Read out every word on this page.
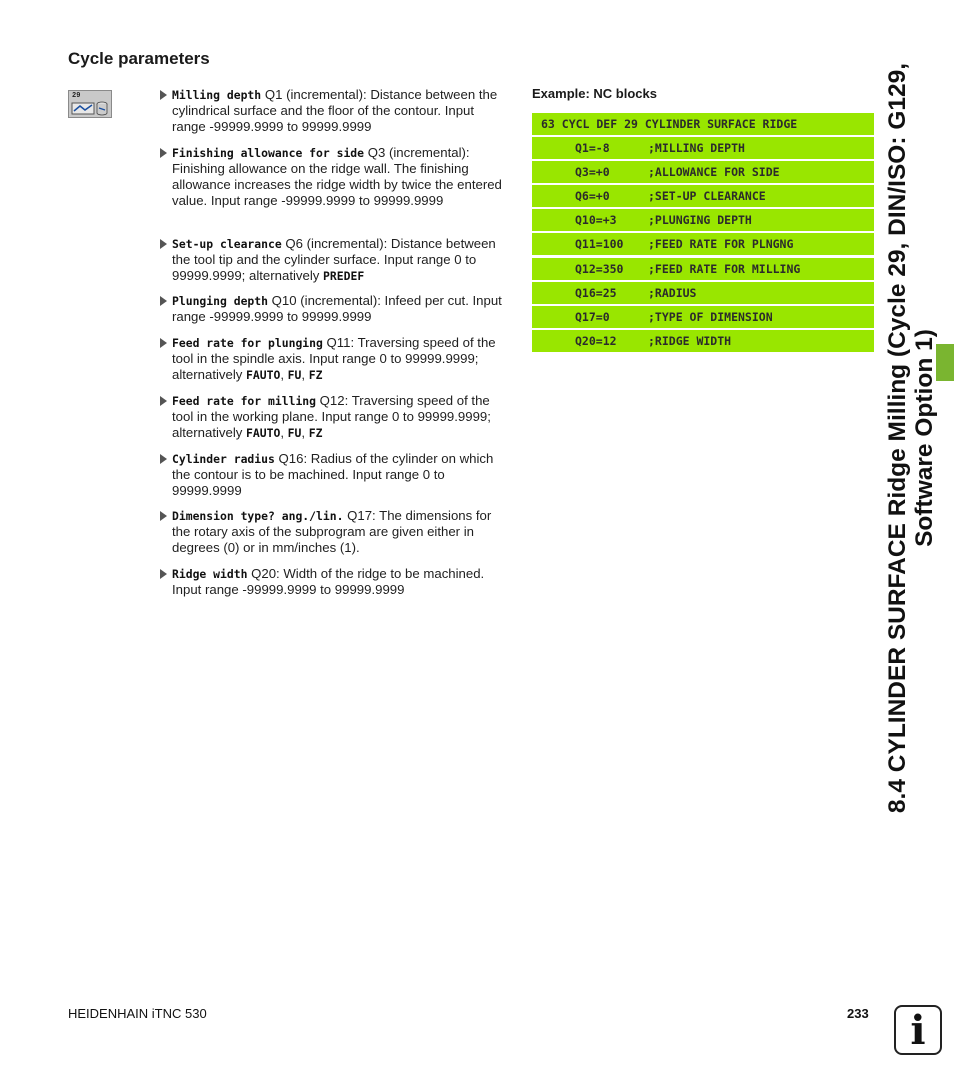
Cycle parameters
29	Milling depth Q1 (incremental): Distance between the cylindrical surface and the floor of the contour. Input range -99999.9999 to 99999.9999
Finishing allowance for side Q3 (incremental): Finishing allowance on the ridge wall. The finishing allowance increases the ridge width by twice the entered value. Input range -99999.9999 to 99999.9999
Set-up clearance Q6 (incremental): Distance between the tool tip and the cylinder surface. Input range 0 to 99999.9999; alternatively PREDEF
Plunging depth Q10 (incremental): Infeed per cut. Input range -99999.9999 to 99999.9999
Feed rate for plunging Q11: Traversing speed of the tool in the spindle axis. Input range 0 to 99999.9999; alternatively FAUTO, FU, FZ
Feed rate for milling Q12: Traversing speed of the tool in the working plane. Input range 0 to 99999.9999; alternatively FAUTO, FU, FZ
Cylinder radius Q16: Radius of the cylinder on which the contour is to be machined. Input range 0 to 99999.9999
Dimension type? ang./lin. Q17: The dimensions for the rotary axis of the subprogram are given either in degrees (0) or in mm/inches (1).
Ridge width Q20: Width of the ridge to be machined. Input range -99999.9999 to 99999.9999
Example: NC blocks
63 CYCL DEF 29 CYLINDER SURFACE RIDGE
Q1=-8	;MILLING DEPTH
Q3=+0	;ALLOWANCE FOR SIDE
Q6=+0	;SET-UP CLEARANCE
Q10=+3	;PLUNGING DEPTH
Q11=100	;FEED RATE FOR PLNGNG
Q12=350	;FEED RATE FOR MILLING
Q16=25	;RADIUS
Q17=0	;TYPE OF DIMENSION
Q20=12	;RIDGE WIDTH	8.4 CYLINDER SURFACE Ridge Milling (Cycle 29, DIN/ISO: G129, Software Option 1)
HEIDENHAIN iTNC 530	233	i
